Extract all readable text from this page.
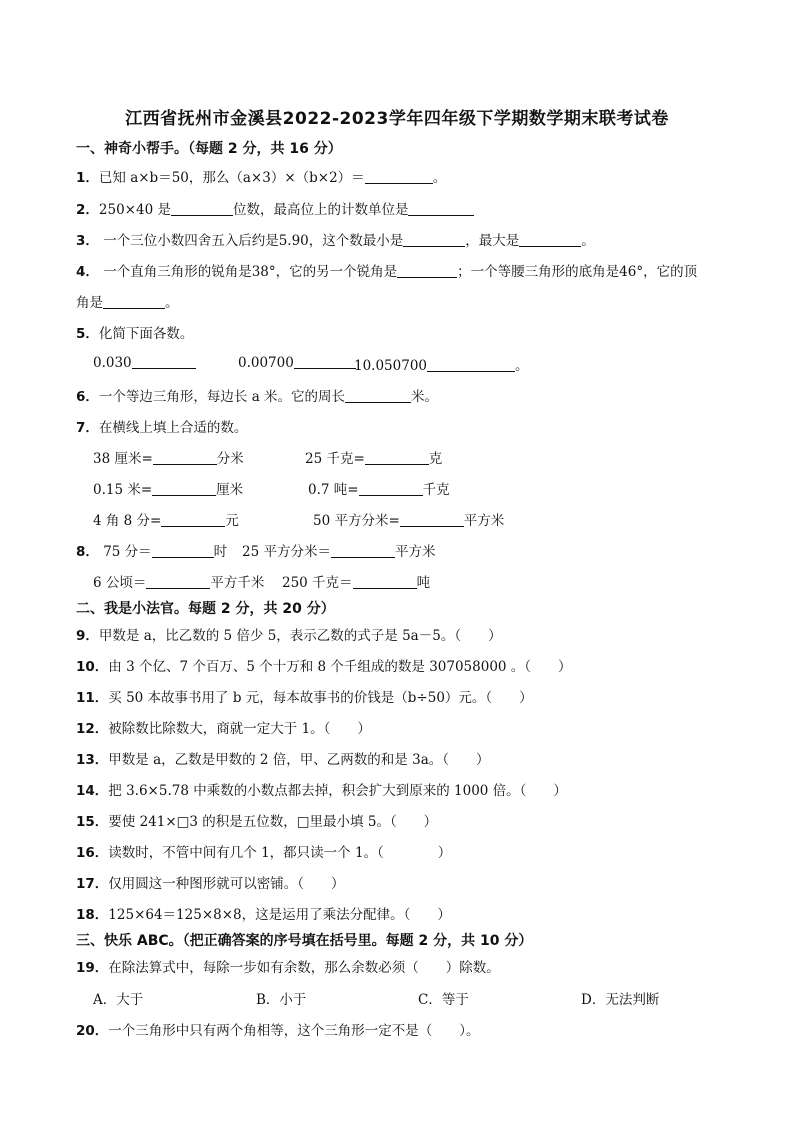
江西省抚州市金溪县2022-2023学年四年级下学期数学期末联考试卷
一、神奇小帮手。（每题 2 分，共 16 分）
1．已知 a×b＝50，那么（a×3）×（b×2）＝	。
2．250×40 是	位数，最高位上的计数单位是
3． 一个三位小数四舍五入后约是5.90，这个数最小是	，最大是	。
4． 一个直角三角形的锐角是38°，它的另一个锐角是	；一个等腰三角形的底角是46°，它的顶
角是	。
5．化简下面各数。
0.030	0.00700	10.050700	。
6．一个等边三角形，每边长 a 米。它的周长	米。
7．在横线上填上合适的数。
38 厘米=	分米	25 千克=	克
0.15 米=	厘米	0.7 吨=	千克
4 角 8 分=	元	50 平方分米=	平方米
8． 75 分＝	时 25 平方分米＝	平方米
6 公顷＝	平方千米 250 千克＝	吨
二、我是小法官。每题 2 分，共 20 分）
9．甲数是 a，比乙数的 5 倍少 5，表示乙数的式子是 5a－5。（　　）
10．由 3 个亿、7 个百万、5 个十万和 8 个千组成的数是 307058000 。（　　）
11．买 50 本故事书用了 b 元，每本故事书的价钱是（b÷50）元。（　　）
12．被除数比除数大，商就一定大于 1。（　　）
13．甲数是 a，乙数是甲数的 2 倍，甲、乙两数的和是 3a。（　　）
14．把 3.6×5.78 中乘数的小数点都去掉，积会扩大到原来的 1000 倍。（　　）
15．要使 241×□3 的积是五位数，□里最小填 5。（　　）
16．读数时，不管中间有几个 1，都只读一个 1。（　　　　）
17．仅用圆这一种图形就可以密铺。（　　）
18．125×64＝125×8×8，这是运用了乘法分配律。（　　）
三、快乐 ABC。（把正确答案的序号填在括号里。每题 2 分，共 10 分）
19．在除法算式中，每除一步如有余数，那么余数必须（　　）除数。
A．大于	B．小于	C．等于	D．无法判断
20．一个三角形中只有两个角相等，这个三角形一定不是（　　）。
